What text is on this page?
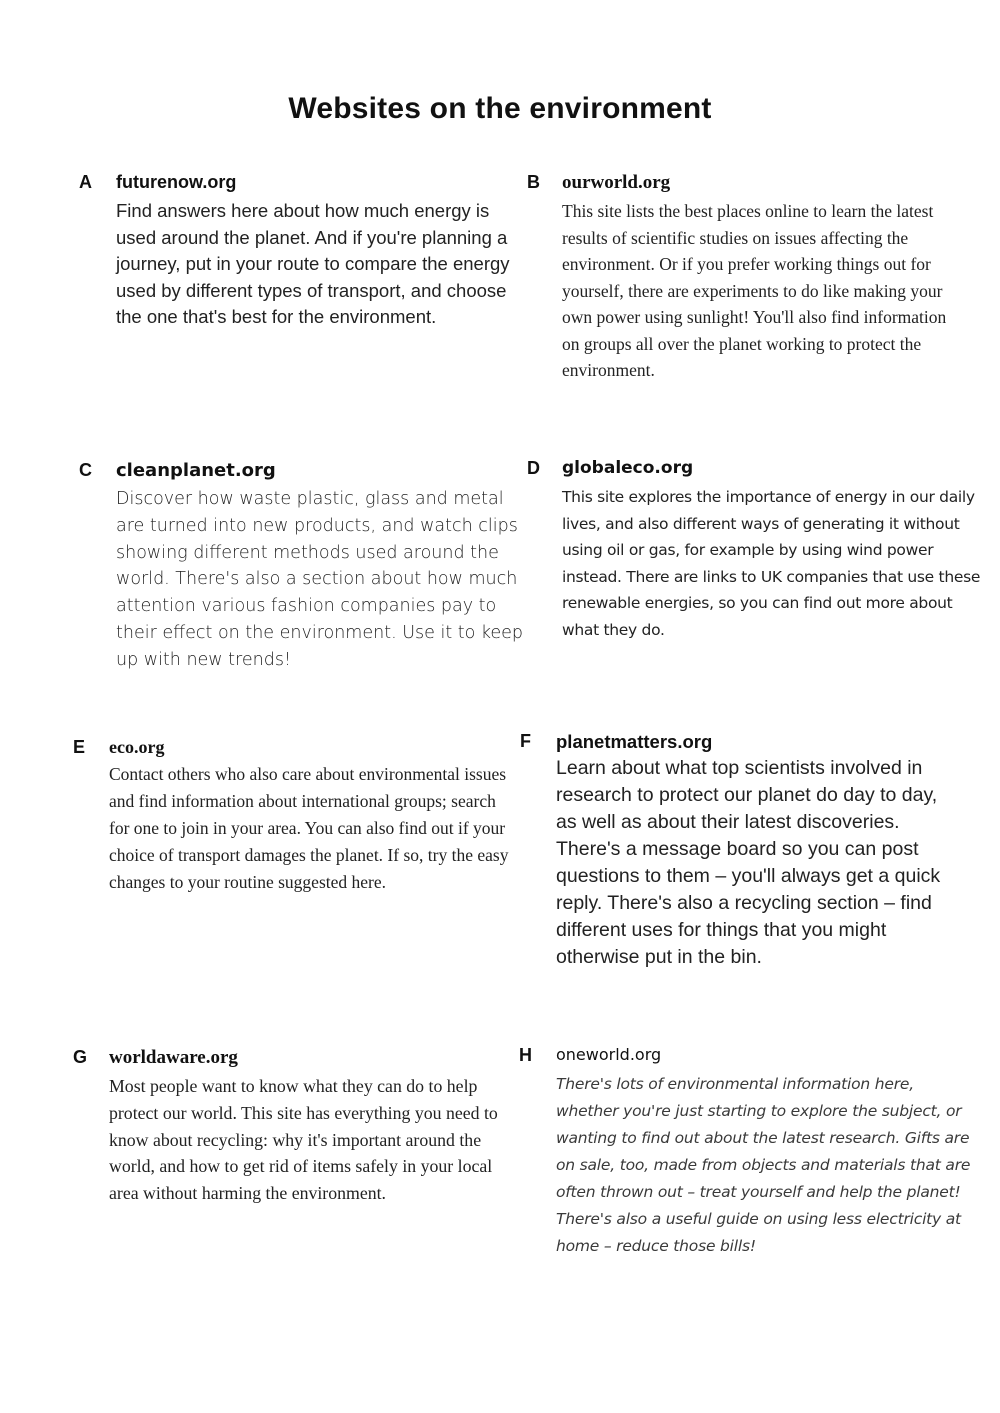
Websites on the environment
A futurenow.org

Find answers here about how much energy is used around the planet. And if you're planning a journey, put in your route to compare the energy used by different types of transport, and choose the one that's best for the environment.

B ourworld.org

This site lists the best places online to learn the latest results of scientific studies on issues affecting the environment. Or if you prefer working things out for yourself, there are experiments to do like making your own power using sunlight! You'll also find information on groups all over the planet working to protect the environment.

C cleanplanet.org

Discover how waste plastic, glass and metal are turned into new products, and watch clips showing different methods used around the world. There's also a section about how much attention various fashion companies pay to their effect on the environment. Use it to keep up with new trends!

D globaleco.org

This site explores the importance of energy in our daily lives, and also different ways of generating it without using oil or gas, for example by using wind power instead. There are links to UK companies that use these renewable energies, so you can find out more about what they do.

E eco.org

Contact others who also care about environmental issues and find information about international groups; search for one to join in your area. You can also find out if your choice of transport damages the planet. If so, try the easy changes to your routine suggested here.

F planetmatters.org

Learn about what top scientists involved in research to protect our planet do day to day, as well as about their latest discoveries. There's a message board so you can post questions to them – you'll always get a quick reply. There's also a recycling section – find different uses for things that you might otherwise put in the bin.

G worldaware.org

Most people want to know what they can do to help protect our world. This site has everything you need to know about recycling: why it's important around the world, and how to get rid of items safely in your local area without harming the environment.

H oneworld.org

There's lots of environmental information here, whether you're just starting to explore the subject, or wanting to find out about the latest research. Gifts are on sale, too, made from objects and materials that are often thrown out – treat yourself and help the planet! There's also a useful guide on using less electricity at home – reduce those bills!
